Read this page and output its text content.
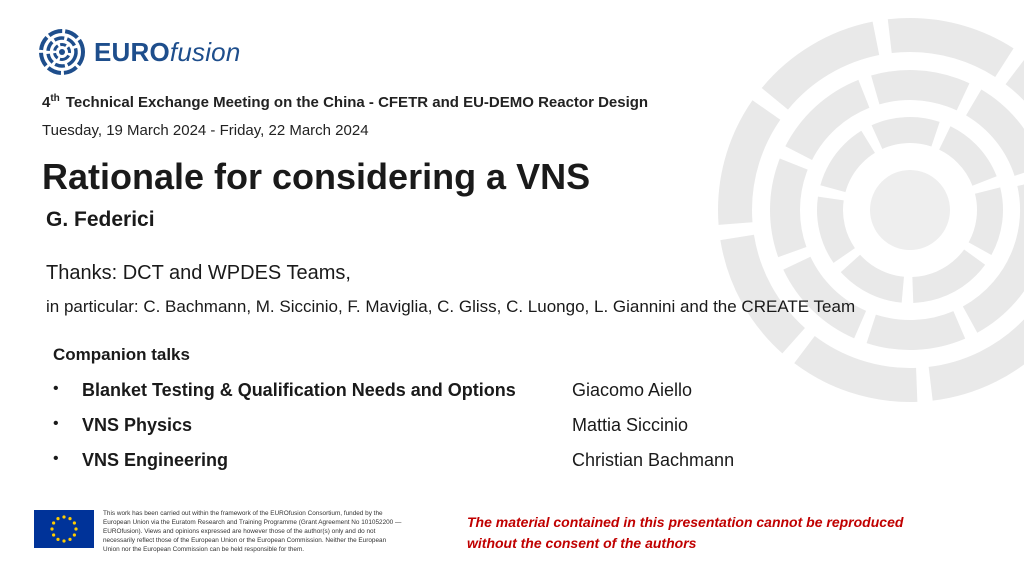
EUROfusion
4th Technical Exchange Meeting on the China - CFETR and EU-DEMO Reactor Design
Tuesday, 19 March 2024 - Friday, 22 March 2024
Rationale for considering a VNS
G. Federici
Thanks: DCT and WPDES Teams,
in particular: C. Bachmann, M. Siccinio, F. Maviglia, C. Gliss, C. Luongo, L. Giannini and the CREATE Team
Companion talks
• Blanket Testing & Qualification Needs and Options	Giacomo Aiello
• VNS Physics	Mattia Siccinio
• VNS Engineering	Christian Bachmann
This work has been carried out within the framework of the EUROfusion Consortium, funded by the European Union via the Euratom Research and Training Programme (Grant Agreement No 101052200 — EUROfusion). Views and opinions expressed are however those of the author(s) only and do not necessarily reflect those of the European Union or the European Commission. Neither the European Union nor the European Commission can be held responsible for them.
The material contained in this presentation cannot be reproduced
without the consent of the authors
